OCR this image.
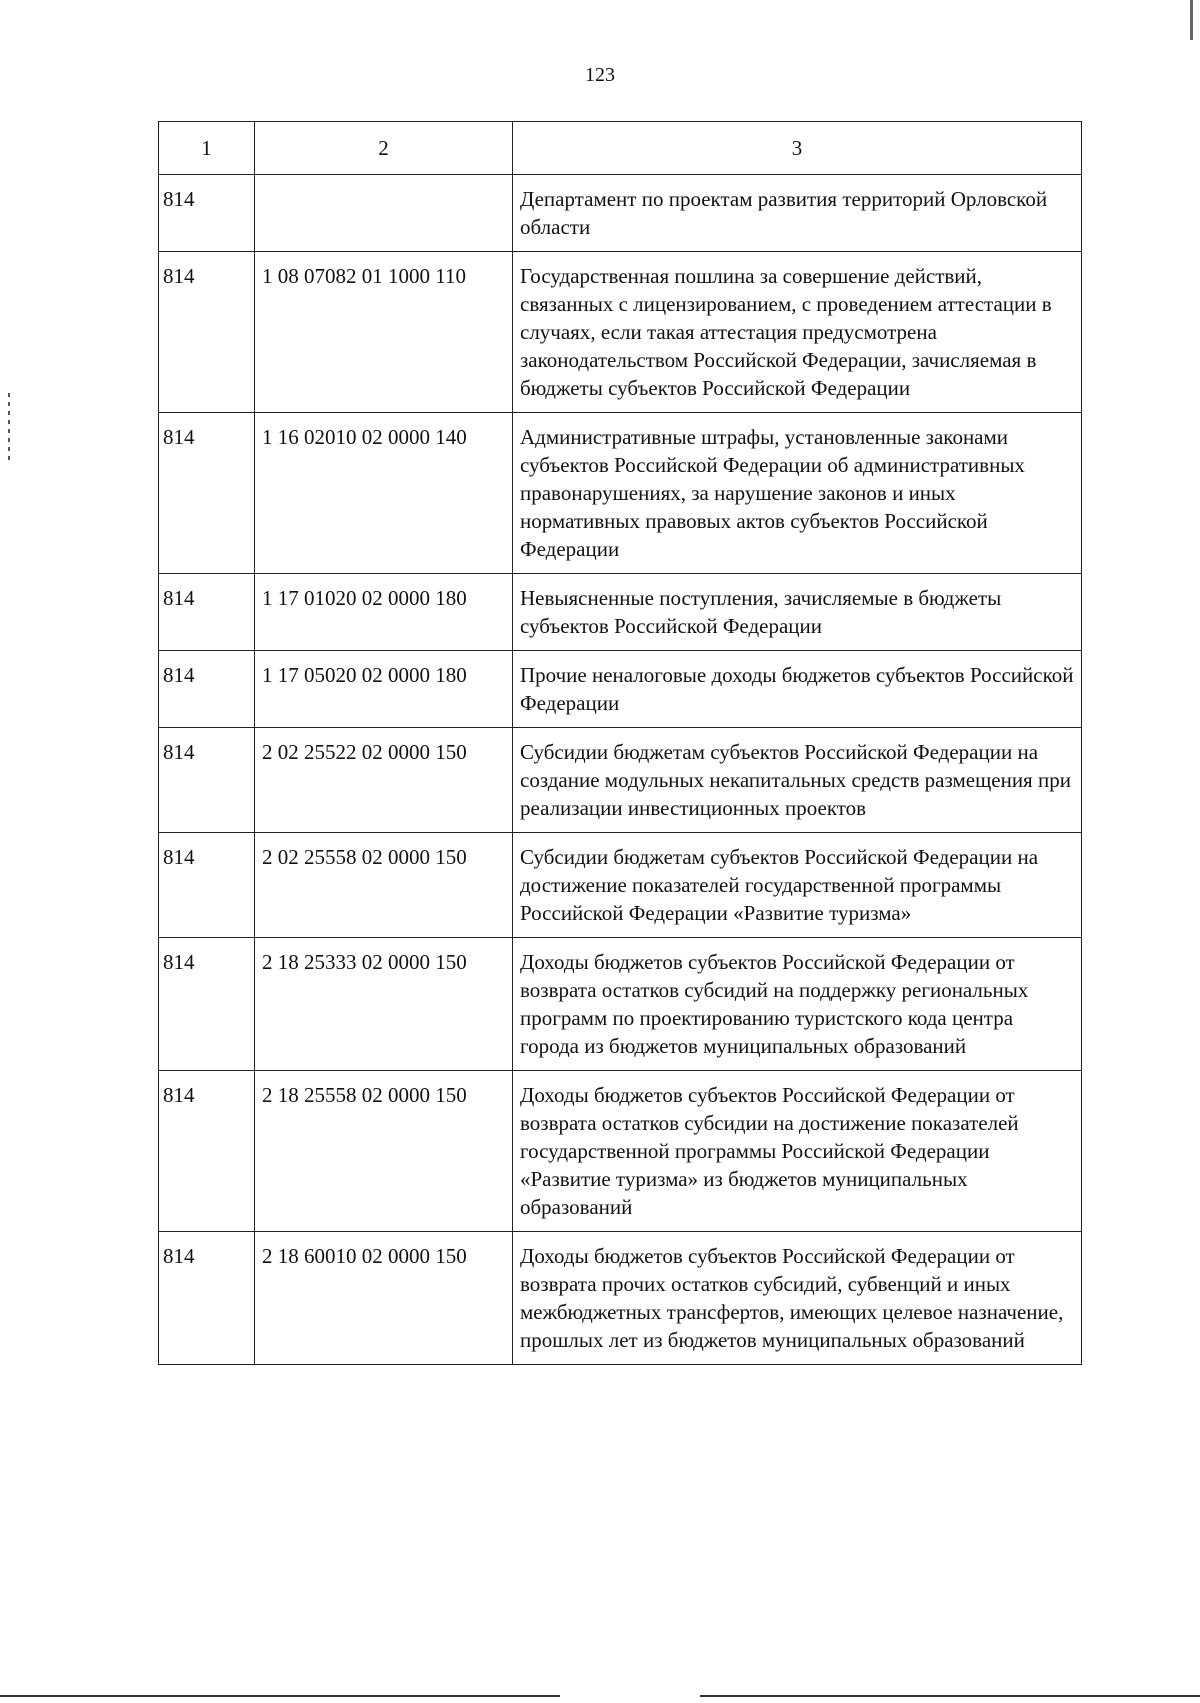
123
1	2	3
814		Департамент по проектам развития территорий Орловской области
814	1 08 07082 01 1000 110	Государственная пошлина за совершение действий, связанных с лицензированием, с проведением аттестации в случаях, если такая аттестация предусмотрена законодательством Российской Федерации, зачисляемая в бюджеты субъектов Российской Федерации
814	1 16 02010 02 0000 140	Административные штрафы, установленные законами субъектов Российской Федерации об административных правонарушениях, за нарушение законов и иных нормативных правовых актов субъектов Российской Федерации
814	1 17 01020 02 0000 180	Невыясненные поступления, зачисляемые в бюджеты субъектов Российской Федерации
814	1 17 05020 02 0000 180	Прочие неналоговые доходы бюджетов субъектов Российской Федерации
814	2 02 25522 02 0000 150	Субсидии бюджетам субъектов Российской Федерации на создание модульных некапитальных средств размещения при реализации инвестиционных проектов
814	2 02 25558 02 0000 150	Субсидии бюджетам субъектов Российской Федерации на достижение показателей государственной программы Российской Федерации «Развитие туризма»
814	2 18 25333 02 0000 150	Доходы бюджетов субъектов Российской Федерации от возврата остатков субсидий на поддержку региональных программ по проектированию туристского кода центра города из бюджетов муниципальных образований
814	2 18 25558 02 0000 150	Доходы бюджетов субъектов Российской Федерации от возврата остатков субсидии на достижение показателей государственной программы Российской Федерации «Развитие туризма» из бюджетов муниципальных образований
814	2 18 60010 02 0000 150	Доходы бюджетов субъектов Российской Федерации от возврата прочих остатков субсидий, субвенций и иных межбюджетных трансфертов, имеющих целевое назначение, прошлых лет из бюджетов муниципальных образований
